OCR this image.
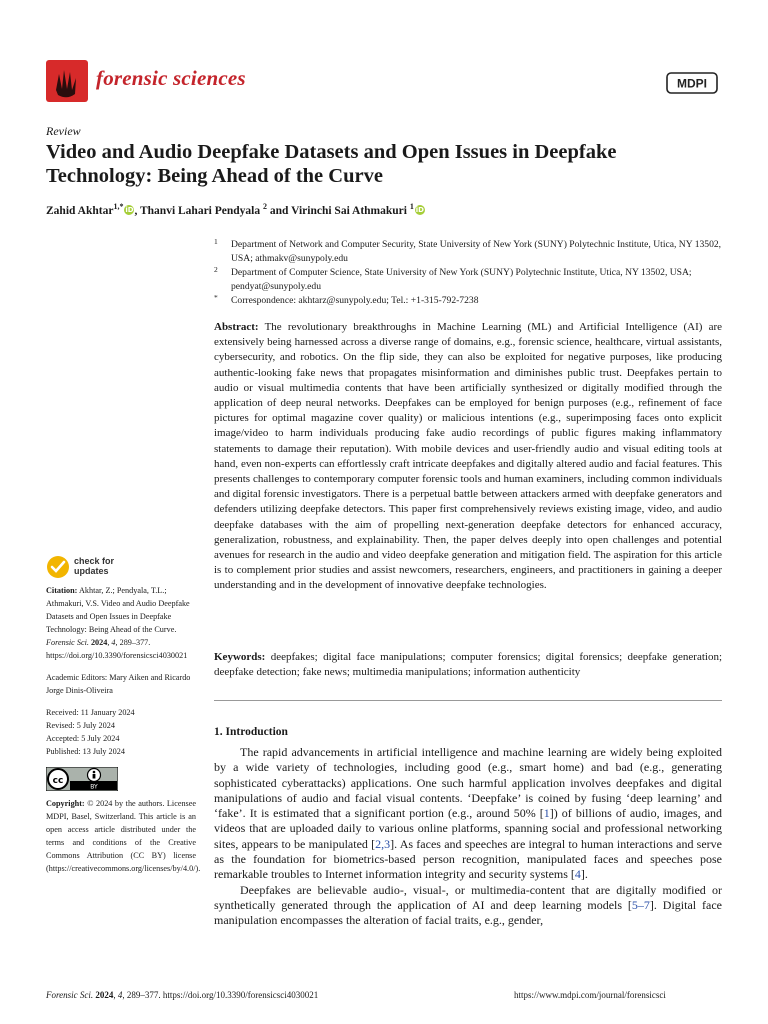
forensic sciences	MDPI
Review
Video and Audio Deepfake Datasets and Open Issues in Deepfake Technology: Being Ahead of the Curve
Zahid Akhtar$^{1,*}$ iD, Thanvi Lahari Pendyala $^2$ and Virinchi Sai Athmakuri $^1$ iD
1 Department of Network and Computer Security, State University of New York (SUNY) Polytechnic Institute, Utica, NY 13502, USA; athmakv@sunypoly.edu
2 Department of Computer Science, State University of New York (SUNY) Polytechnic Institute, Utica, NY 13502, USA; pendyat@sunypoly.edu
* Correspondence: akhtarz@sunypoly.edu; Tel.: +1-315-792-7238
Abstract: The revolutionary breakthroughs in Machine Learning (ML) and Artificial Intelligence (AI) are extensively being harnessed across a diverse range of domains, e.g., forensic science, healthcare, virtual assistants, cybersecurity, and robotics. On the flip side, they can also be exploited for negative purposes, like producing authentic-looking fake news that propagates misinformation and diminishes public trust. Deepfakes pertain to audio or visual multimedia contents that have been artificially synthesized or digitally modified through the application of deep neural networks. Deepfakes can be employed for benign purposes (e.g., refinement of face pictures for optimal magazine cover quality) or malicious intentions (e.g., superimposing faces onto explicit image/video to harm individuals producing fake audio recordings of public figures making inflammatory statements to damage their reputation). With mobile devices and user-friendly audio and visual editing tools at hand, even non-experts can effortlessly craft intricate deepfakes and digitally altered audio and facial features. This presents challenges to contemporary computer forensic tools and human examiners, including common individuals and digital forensic investigators. There is a perpetual battle between attackers armed with deepfake generators and defenders utilizing deepfake detectors. This paper first comprehensively reviews existing image, video, and audio deepfake databases with the aim of propelling next-generation deepfake detectors for enhanced accuracy, generalization, robustness, and explainability. Then, the paper delves deeply into open challenges and potential avenues for research in the audio and video deepfake generation and mitigation field. The aspiration for this article is to complement prior studies and assist newcomers, researchers, engineers, and practitioners in gaining a deeper understanding and in the development of innovative deepfake technologies.
Keywords: deepfakes; digital face manipulations; computer forensics; digital forensics; deepfake generation; deepfake detection; fake news; multimedia manipulations; information authenticity
1. Introduction

The rapid advancements in artificial intelligence and machine learning are widely being exploited by a wide variety of technologies, including good (e.g., smart home) and bad (e.g., generating sophisticated cyberattacks) applications. One such harmful application involves deepfakes and digital manipulations of audio and facial visual contents. ‘Deepfake’ is coined by fusing ‘deep learning’ and ‘fake’. It is estimated that a significant portion (e.g., around 50% [1]) of billions of audio, images, and videos that are uploaded daily to various online platforms, spanning social and professional networking sites, appears to be manipulated [2,3]. As faces and speeches are integral to human interactions and serve as the foundation for biometrics-based person recognition, manipulated faces and speeches pose remarkable troubles to Internet information integrity and security systems [4].

Deepfakes are believable audio-, visual-, or multimedia-content that are digitally modified or synthetically generated through the application of AI and deep learning models [5–7]. Digital face manipulation encompasses the alteration of facial traits, e.g., gender,

check for updates
Citation: Akhtar, Z.; Pendyala, T.L.; Athmakuri, V.S. Video and Audio Deepfake Datasets and Open Issues in Deepfake Technology: Being Ahead of the Curve. Forensic Sci. 2024, 4, 289–377. https://doi.org/10.3390/forensicsci4030021
Academic Editors: Mary Aiken and Ricardo Jorge Dinis-Oliveira
Received: 11 January 2024
Revised: 5 July 2024
Accepted: 5 July 2024
Published: 13 July 2024
cc
BY
Copyright: © 2024 by the authors. Licensee MDPI, Basel, Switzerland. This article is an open access article distributed under the terms and conditions of the Creative Commons Attribution (CC BY) license (https://creativecommons.org/licenses/by/4.0/).
Forensic Sci. 2024, 4, 289–377. https://doi.org/10.3390/forensicsci4030021	https://www.mdpi.com/journal/forensicsci
